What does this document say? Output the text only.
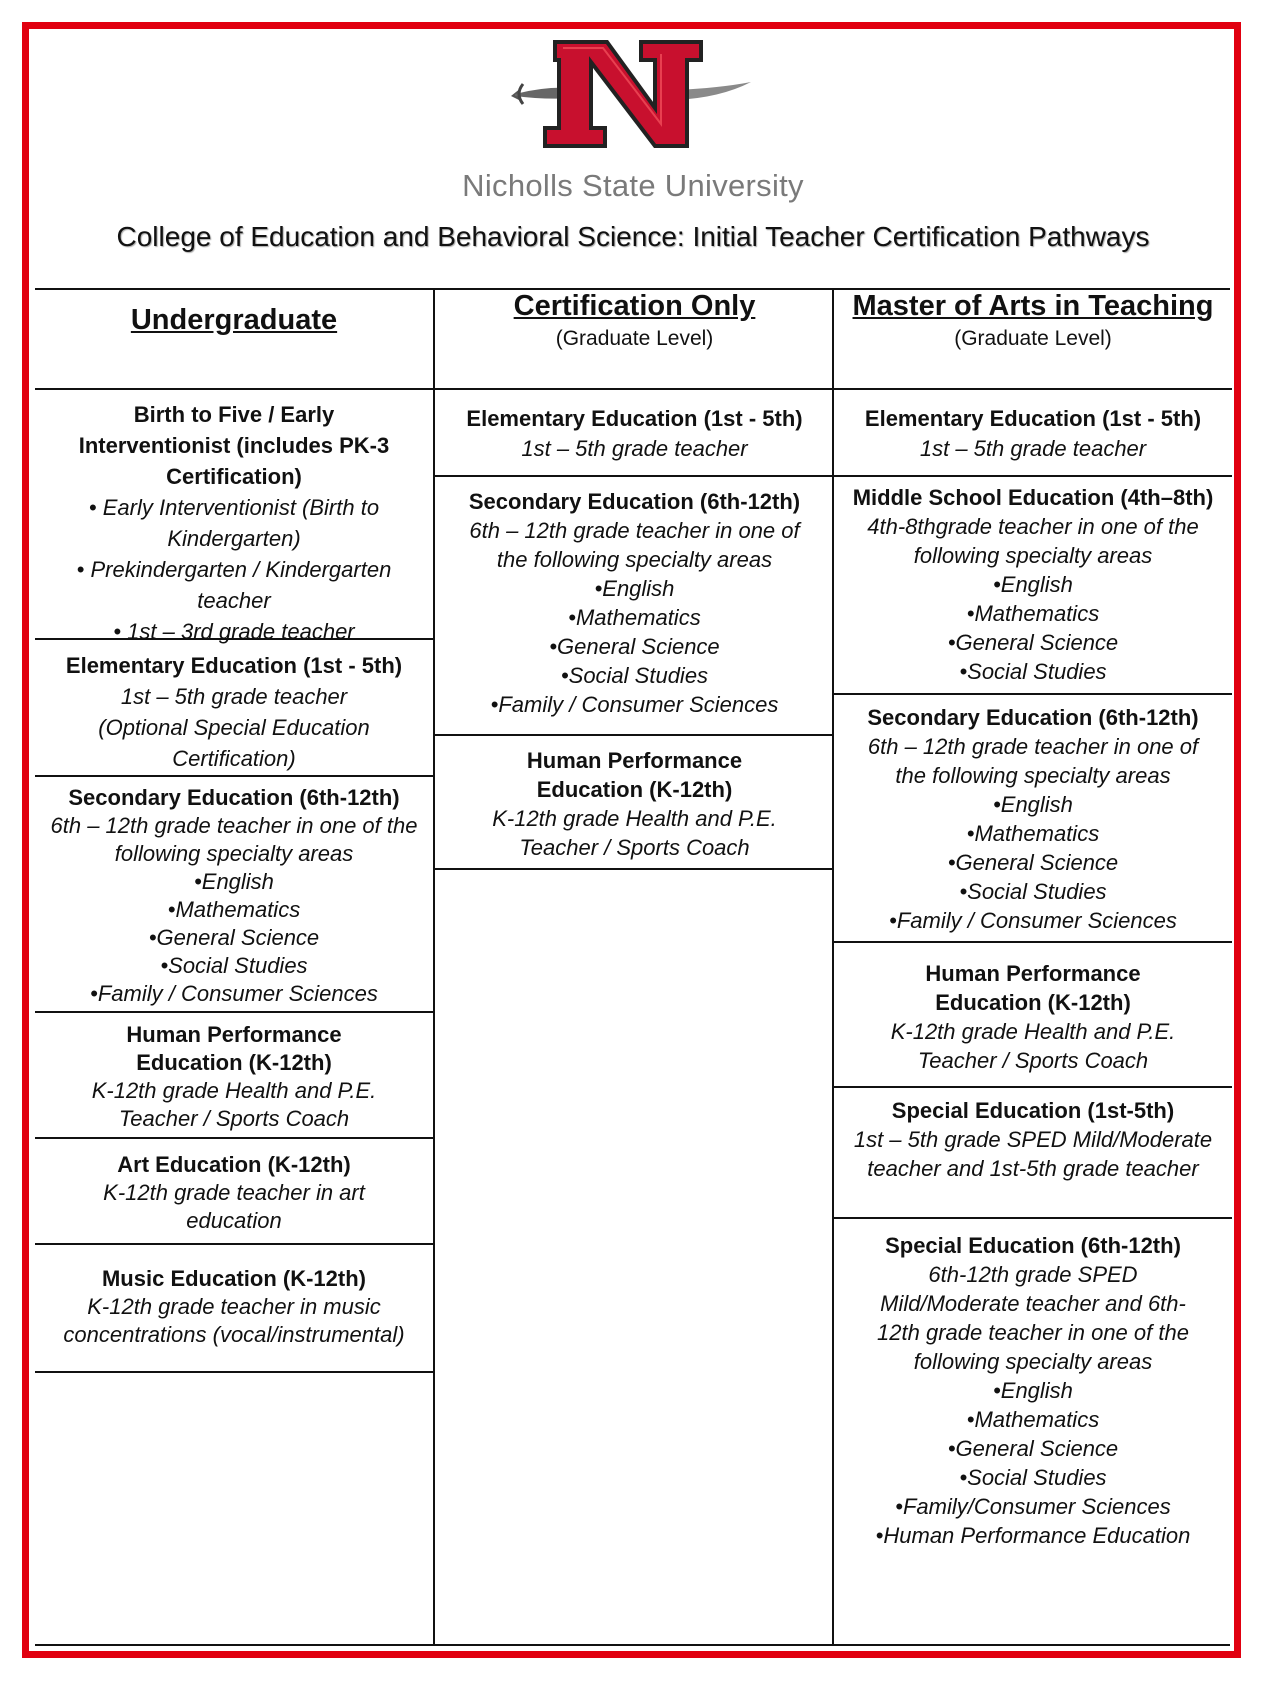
Nicholls State University
College of Education and Behavioral Science: Initial Teacher Certification Pathways
Undergraduate
Birth to Five / Early Interventionist (includes PK-3 Certification)
• Early Interventionist (Birth to Kindergarten)
• Prekindergarten / Kindergarten teacher
• 1st – 3rd grade teacher
Elementary Education (1st - 5th)
1st – 5th grade teacher
(Optional Special Education Certification)
Secondary Education (6th-12th)
6th – 12th grade teacher in one of the following specialty areas
•English
•Mathematics
•General Science
•Social Studies
•Family / Consumer Sciences
Human Performance Education (K-12th)
K-12th grade Health and P.E. Teacher / Sports Coach
Art Education (K-12th)
K-12th grade teacher in art education
Music Education (K-12th)
K-12th grade teacher in music concentrations (vocal/instrumental)
Certification Only
(Graduate Level)
Elementary Education (1st - 5th)
1st – 5th grade teacher
Secondary Education (6th-12th)
6th – 12th grade teacher in one of the following specialty areas
•English
•Mathematics
•General Science
•Social Studies
•Family / Consumer Sciences
Human Performance Education (K-12th)
K-12th grade Health and P.E. Teacher / Sports Coach
Master of Arts in Teaching
(Graduate Level)
Elementary Education (1st - 5th)
1st – 5th grade teacher
Middle School Education (4th–8th)
4th-8thgrade teacher in one of the following specialty areas
•English
•Mathematics
•General Science
•Social Studies
Secondary Education (6th-12th)
6th – 12th grade teacher in one of the following specialty areas
•English
•Mathematics
•General Science
•Social Studies
•Family / Consumer Sciences
Human Performance Education (K-12th)
K-12th grade Health and P.E. Teacher / Sports Coach
Special Education (1st-5th)
1st – 5th grade SPED Mild/Moderate teacher and 1st-5th grade teacher
Special Education (6th-12th)
6th-12th grade SPED Mild/Moderate teacher and 6th-12th grade teacher in one of the following specialty areas
•English
•Mathematics
•General Science
•Social Studies
•Family/Consumer Sciences
•Human Performance Education
